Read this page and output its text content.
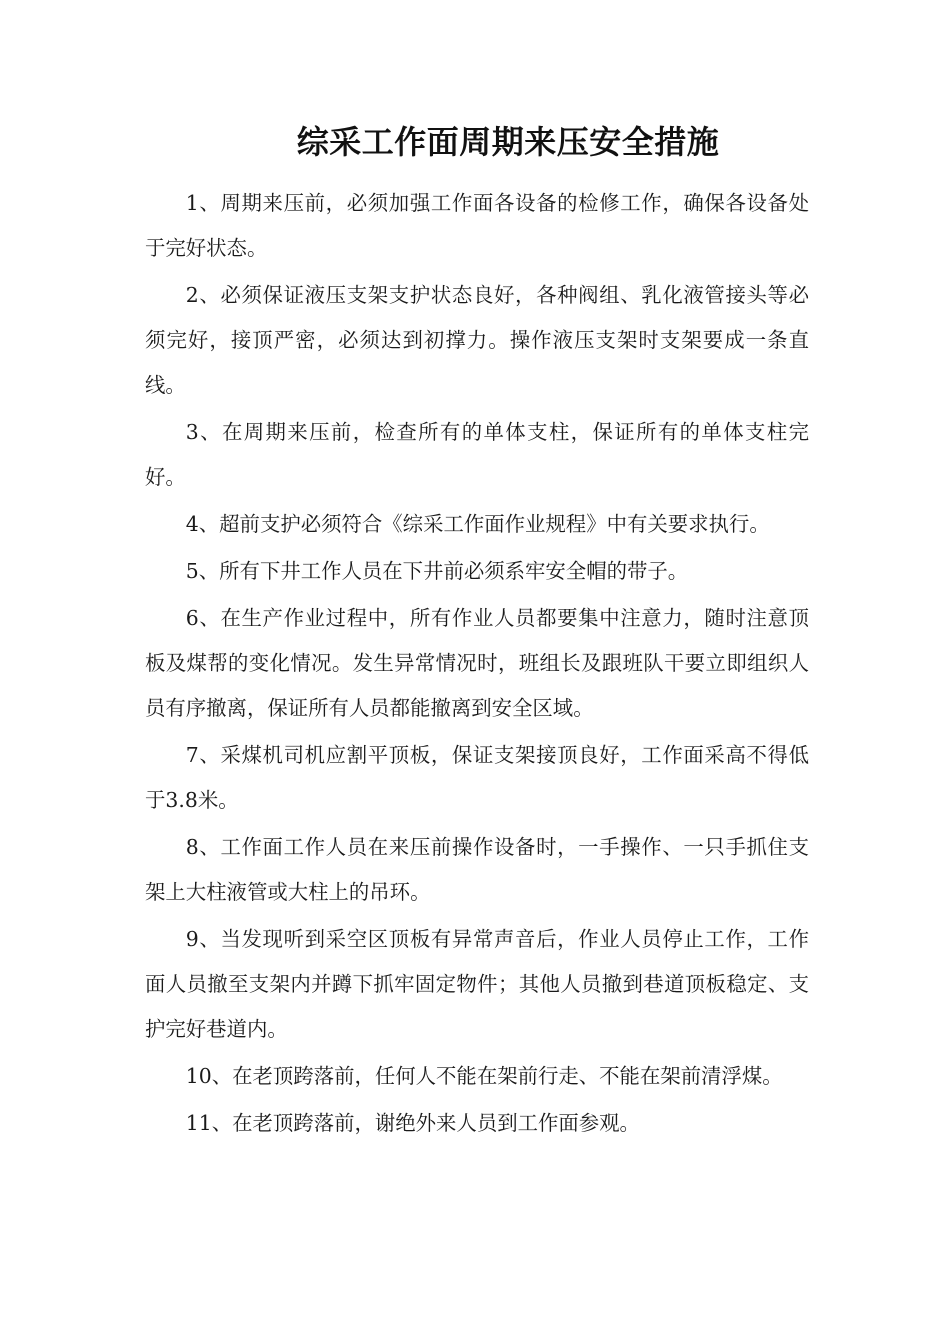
综采工作面周期来压安全措施

1、周期来压前，必须加强工作面各设备的检修工作，确保各设备处于完好状态。

2、必须保证液压支架支护状态良好，各种阀组、乳化液管接头等必须完好，接顶严密，必须达到初撑力。操作液压支架时支架要成一条直线。

3、在周期来压前，检查所有的单体支柱，保证所有的单体支柱完好。

4、超前支护必须符合《综采工作面作业规程》中有关要求执行。

5、所有下井工作人员在下井前必须系牢安全帽的带子。

6、在生产作业过程中，所有作业人员都要集中注意力，随时注意顶板及煤帮的变化情况。发生异常情况时，班组长及跟班队干要立即组织人员有序撤离，保证所有人员都能撤离到安全区域。

7、采煤机司机应割平顶板，保证支架接顶良好，工作面采高不得低于3.8米。

8、工作面工作人员在来压前操作设备时，一手操作、一只手抓住支架上大柱液管或大柱上的吊环。

9、当发现听到采空区顶板有异常声音后，作业人员停止工作，工作面人员撤至支架内并蹲下抓牢固定物件；其他人员撤到巷道顶板稳定、支护完好巷道内。

10、在老顶跨落前，任何人不能在架前行走、不能在架前清浮煤。

11、在老顶跨落前，谢绝外来人员到工作面参观。
